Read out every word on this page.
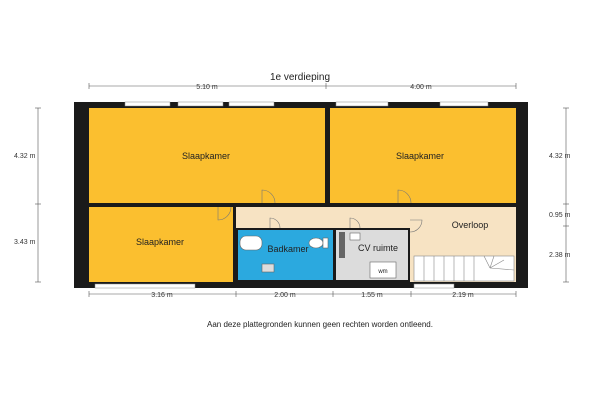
1e verdieping
5.10 m	4.00 m
4.32 m
3.43 m
4.32 m
0.95 m
2.38 m
3.16 m	2.00 m	1.55 m	2.19 m
Slaapkamer	Slaapkamer
Slaapkamer
Badkamer	CV ruimte
Overloop
wm
Aan deze plattegronden kunnen geen rechten worden ontleend.
